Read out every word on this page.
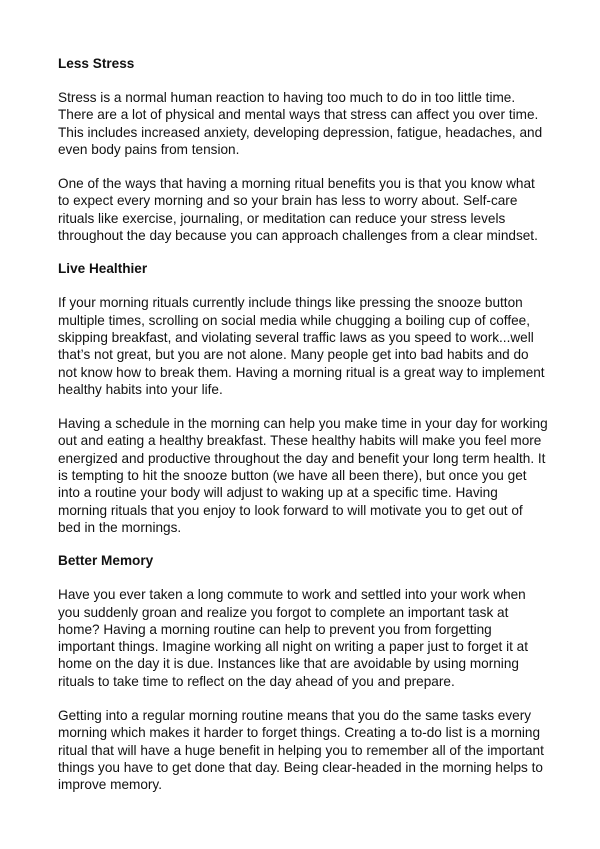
Less Stress
Stress is a normal human reaction to having too much to do in too little time. There are a lot of physical and mental ways that stress can affect you over time. This includes increased anxiety, developing depression, fatigue, headaches, and even body pains from tension.
One of the ways that having a morning ritual benefits you is that you know what to expect every morning and so your brain has less to worry about. Self-care rituals like exercise, journaling, or meditation can reduce your stress levels throughout the day because you can approach challenges from a clear mindset.
Live Healthier
If your morning rituals currently include things like pressing the snooze button multiple times, scrolling on social media while chugging a boiling cup of coffee, skipping breakfast, and violating several traffic laws as you speed to work...well that’s not great, but you are not alone. Many people get into bad habits and do not know how to break them. Having a morning ritual is a great way to implement healthy habits into your life.
Having a schedule in the morning can help you make time in your day for working out and eating a healthy breakfast. These healthy habits will make you feel more energized and productive throughout the day and benefit your long term health. It is tempting to hit the snooze button (we have all been there), but once you get into a routine your body will adjust to waking up at a specific time. Having morning rituals that you enjoy to look forward to will motivate you to get out of bed in the mornings.
Better Memory
Have you ever taken a long commute to work and settled into your work when you suddenly groan and realize you forgot to complete an important task at home? Having a morning routine can help to prevent you from forgetting important things. Imagine working all night on writing a paper just to forget it at home on the day it is due. Instances like that are avoidable by using morning rituals to take time to reflect on the day ahead of you and prepare.
Getting into a regular morning routine means that you do the same tasks every morning which makes it harder to forget things. Creating a to-do list is a morning ritual that will have a huge benefit in helping you to remember all of the important things you have to get done that day. Being clear-headed in the morning helps to improve memory.
